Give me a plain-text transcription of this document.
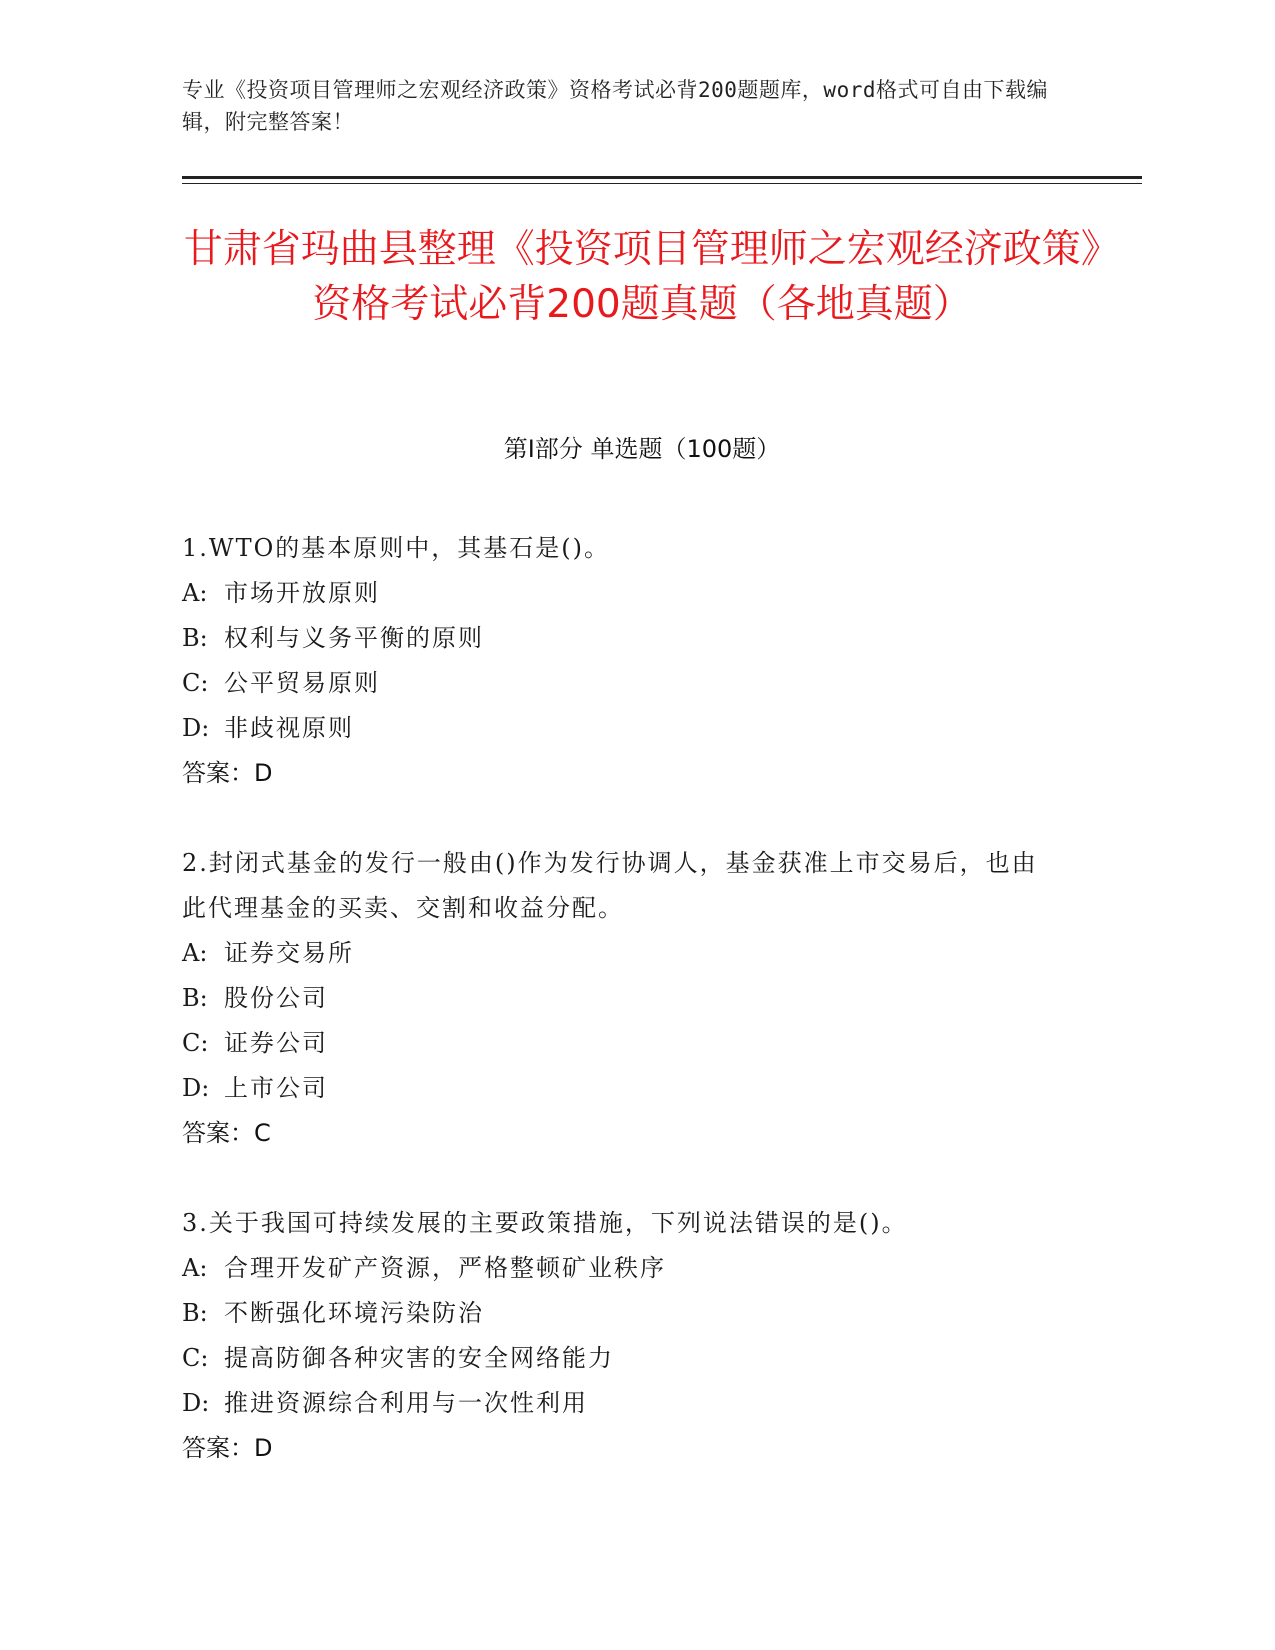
专业《投资项目管理师之宏观经济政策》资格考试必背200题题库，word格式可自由下载编辑，附完整答案！
甘肃省玛曲县整理《投资项目管理师之宏观经济政策》资格考试必背200题真题（各地真题）
第Ⅰ部分 单选题（100题）

1.WTO的基本原则中，其基石是()。

A: 市场开放原则

B: 权利与义务平衡的原则

C: 公平贸易原则

D: 非歧视原则

答案：D

2.封闭式基金的发行一般由()作为发行协调人，基金获准上市交易后，也由此代理基金的买卖、交割和收益分配。

A: 证券交易所

B: 股份公司

C: 证券公司

D: 上市公司

答案：C

3.关于我国可持续发展的主要政策措施，下列说法错误的是()。

A: 合理开发矿产资源，严格整顿矿业秩序

B: 不断强化环境污染防治

C: 提高防御各种灾害的安全网络能力

D: 推进资源综合利用与一次性利用

答案：D
